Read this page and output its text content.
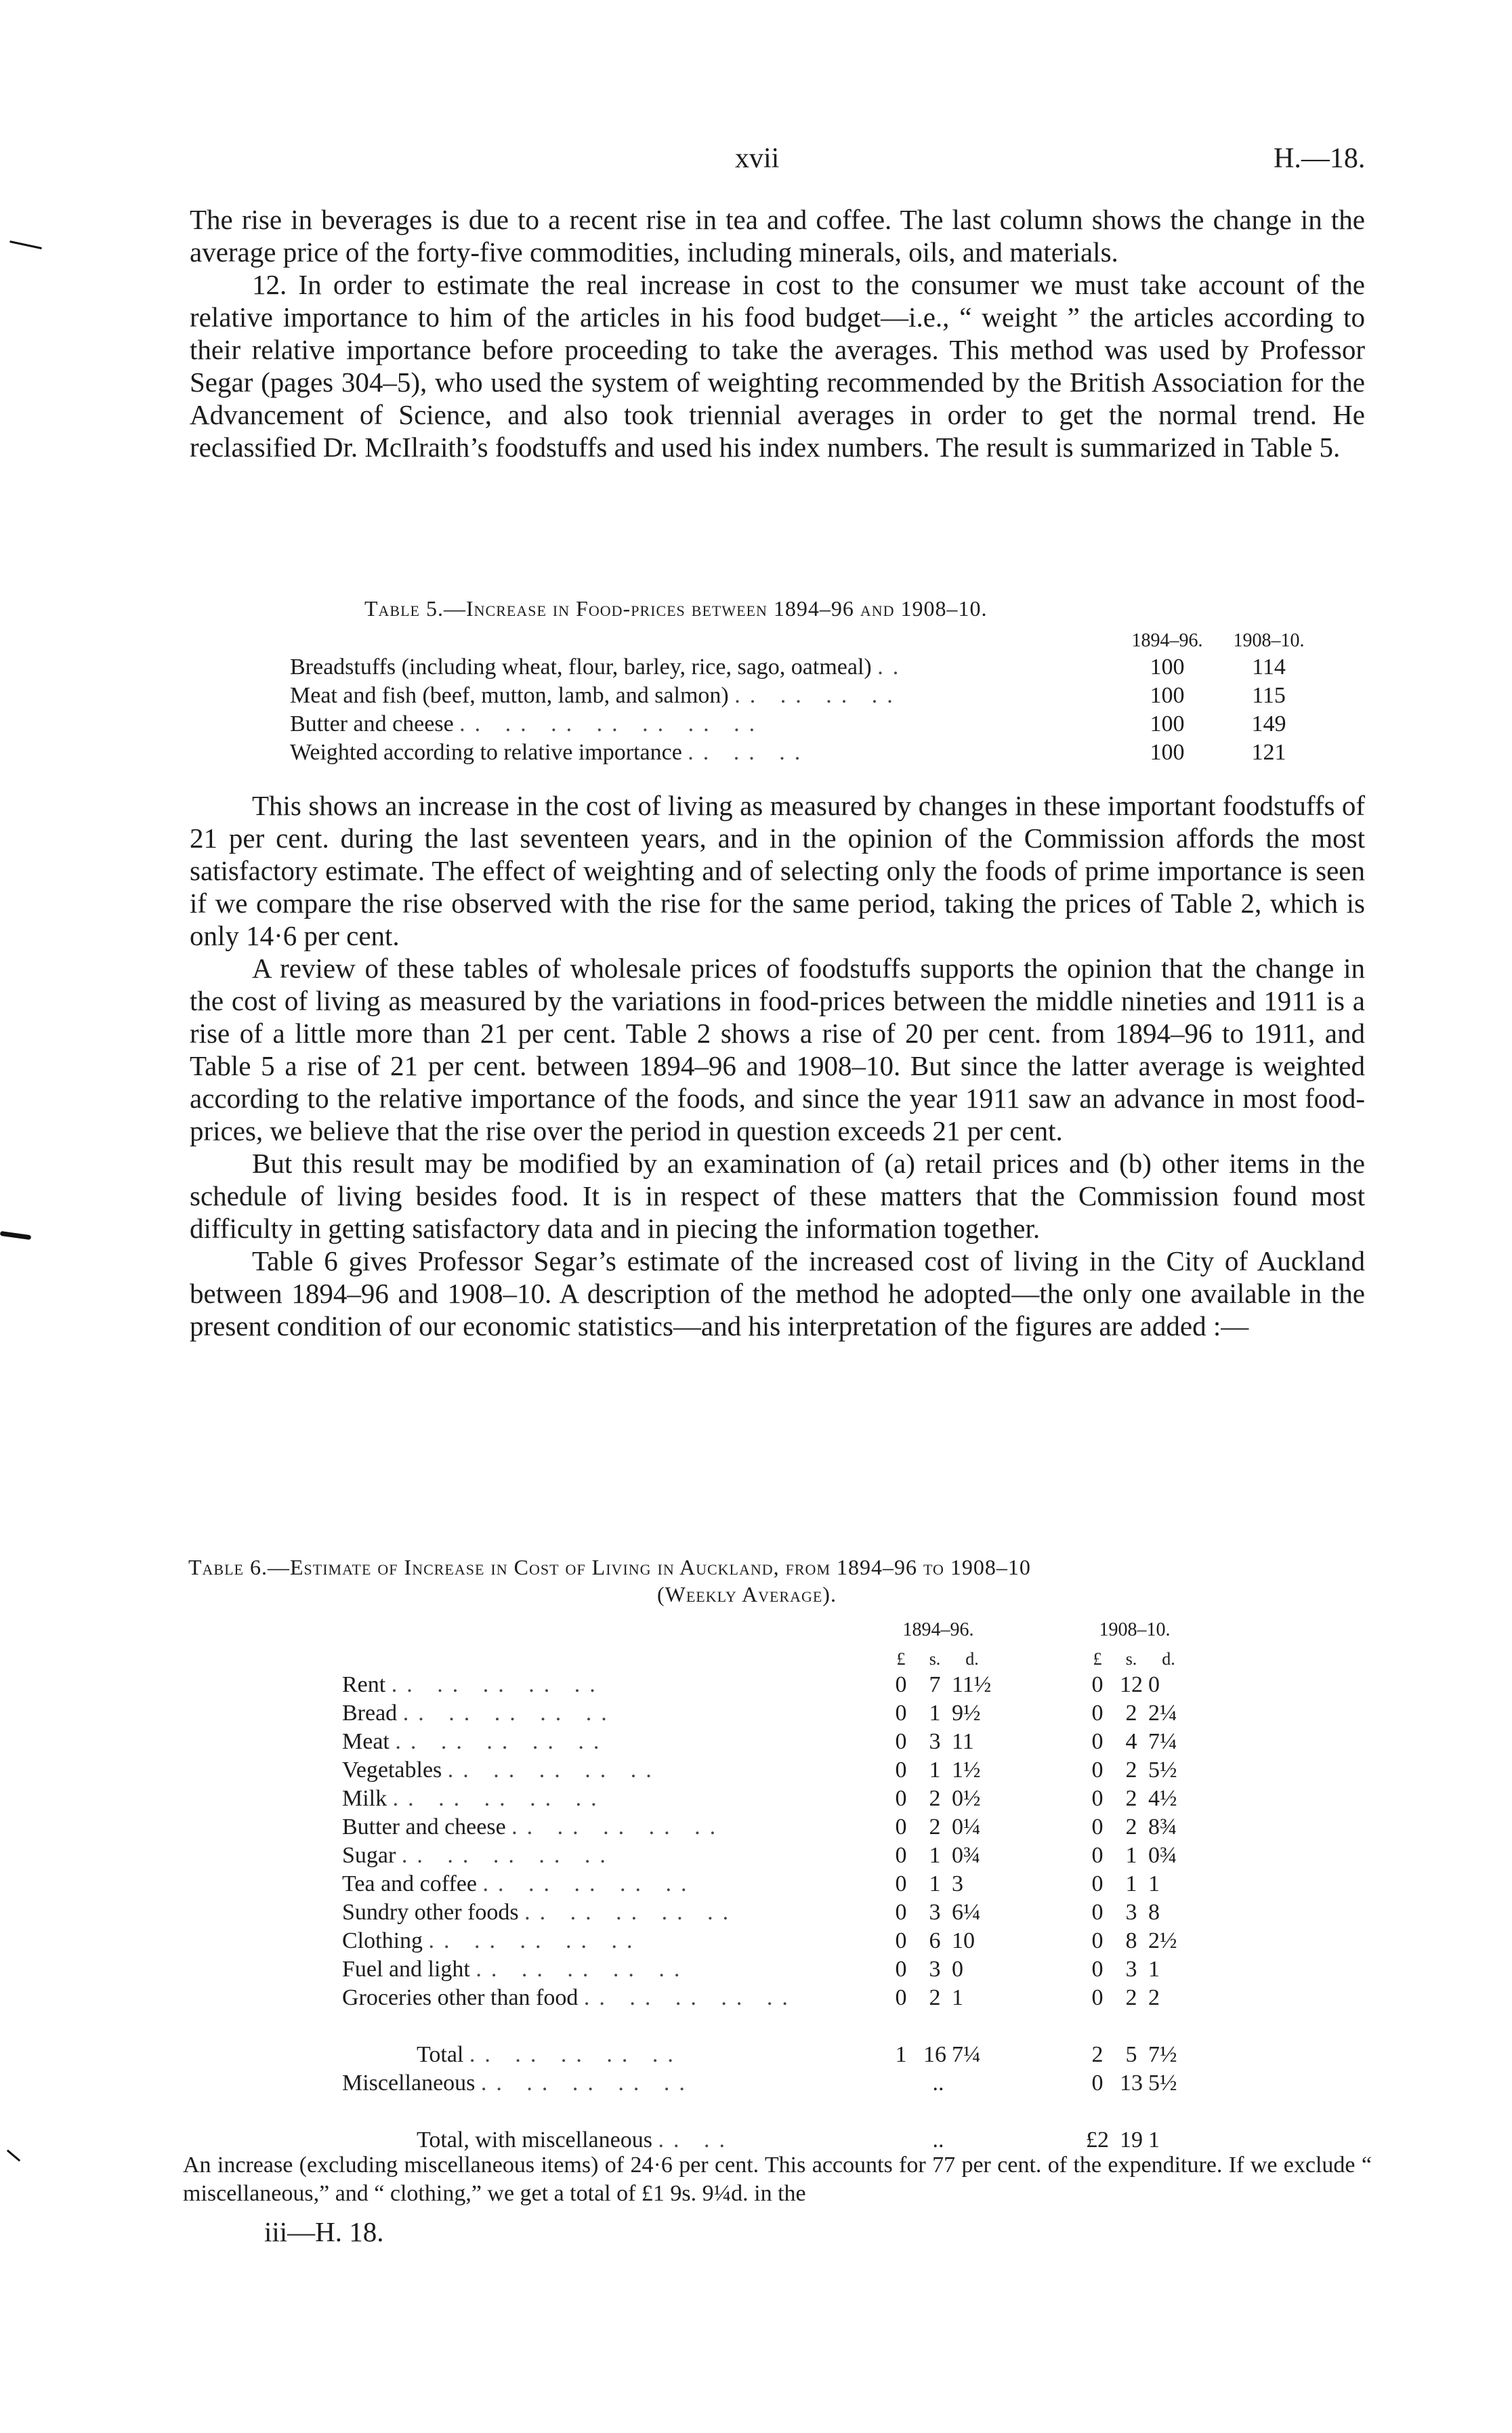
xvii	H.—18.

The rise in beverages is due to a recent rise in tea and coffee. The last column shows the change in the average price of the forty-five commodities, including minerals, oils, and materials.

12. In order to estimate the real increase in cost to the consumer we must take account of the relative importance to him of the articles in his food budget—i.e., “ weight ” the articles according to their relative importance before proceeding to take the averages. This method was used by Professor Segar (pages 304–5), who used the system of weighting recommended by the British Association for the Advancement of Science, and also took triennial averages in order to get the normal trend. He reclassified Dr. McIlraith’s foodstuffs and used his index numbers. The result is summarized in Table 5.

Table 5.—Increase in Food-prices between 1894–96 and 1908–10.
	1894–96.	1908–10.
Breadstuffs (including wheat, flour, barley, rice, sago, oatmeal) ..	100	114
Meat and fish (beef, mutton, lamb, and salmon) .. .. .. ..	100	115
Butter and cheese .. .. .. .. .. .. ..	100	149
Weighted according to relative importance .. .. ..	100	121

This shows an increase in the cost of living as measured by changes in these important foodstuffs of 21 per cent. during the last seventeen years, and in the opinion of the Commission affords the most satisfactory estimate. The effect of weighting and of selecting only the foods of prime importance is seen if we compare the rise observed with the rise for the same period, taking the prices of Table 2, which is only 14·6 per cent.

A review of these tables of wholesale prices of foodstuffs supports the opinion that the change in the cost of living as measured by the variations in food-prices between the middle nineties and 1911 is a rise of a little more than 21 per cent. Table 2 shows a rise of 20 per cent. from 1894–96 to 1911, and Table 5 a rise of 21 per cent. between 1894–96 and 1908–10. But since the latter average is weighted according to the relative importance of the foods, and since the year 1911 saw an advance in most food-prices, we believe that the rise over the period in question exceeds 21 per cent.

But this result may be modified by an examination of (a) retail prices and (b) other items in the schedule of living besides food. It is in respect of these matters that the Commission found most difficulty in getting satisfactory data and in piecing the information together.

Table 6 gives Professor Segar’s estimate of the increased cost of living in the City of Auckland between 1894–96 and 1908–10. A description of the method he adopted—the only one available in the present condition of our economic statistics—and his interpretation of the figures are added :—

Table 6.—Estimate of Increase in Cost of Living in Auckland, from 1894–96 to 1908–10
(Weekly Average).
	1894–96.				1908–10.		
	£	s.	d.		£	s.	d.
Rent .. .. .. .. ..	0	7	11½		0	12	0
Bread .. .. .. .. ..	0	1	9½		0	2	2¼
Meat .. .. .. .. ..	0	3	11		0	4	7¼
Vegetables .. .. .. .. ..	0	1	1½		0	2	5½
Milk .. .. .. .. ..	0	2	0½		0	2	4½
Butter and cheese .. .. .. .. ..	0	2	0¼		0	2	8¾
Sugar .. .. .. .. ..	0	1	0¾		0	1	0¾
Tea and coffee .. .. .. .. ..	0	1	3		0	1	1
Sundry other foods .. .. .. .. ..	0	3	6¼		0	3	8
Clothing .. .. .. .. ..	0	6	10		0	8	2½
Fuel and light .. .. .. .. ..	0	3	0		0	3	1
Groceries other than food .. .. .. .. ..	0	2	1		0	2	2

Total .. .. .. .. ..	1	16	7¼		2	5	7½
Miscellaneous .. .. .. .. ..	..				0	13	5½

Total, with miscellaneous .. ..	..				£2	19	1
An increase (excluding miscellaneous items) of 24·6 per cent. This accounts for 77 per cent. of the expenditure. If we exclude “ miscellaneous,” and “ clothing,” we get a total of £1 9s. 9¼d. in the
iii—H. 18.
